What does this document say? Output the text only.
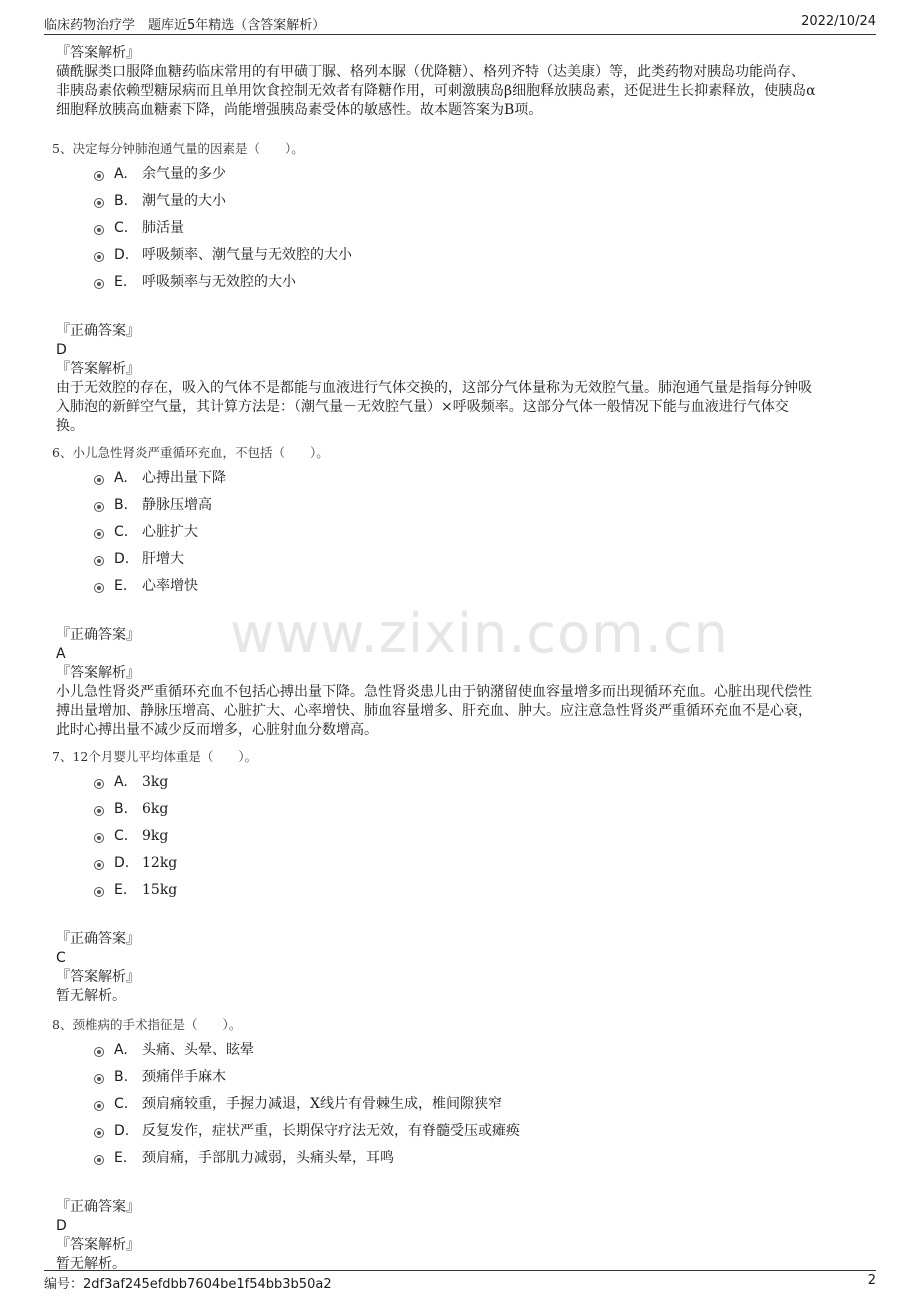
临床药物治疗学　题库近5年精选（含答案解析）	2022/10/24
www.zixin.com.cn
『答案解析』
磺酰脲类口服降血糖药临床常用的有甲磺丁脲、格列本脲（优降糖）、格列齐特（达美康）等，此类药物对胰岛功能尚存、
非胰岛素依赖型糖尿病而且单用饮食控制无效者有降糖作用，可刺激胰岛β细胞释放胰岛素，还促进生长抑素释放，使胰岛α
细胞释放胰高血糖素下降，尚能增强胰岛素受体的敏感性。故本题答案为B项。
5、决定每分钟肺泡通气量的因素是（　　）。
A. 余气量的多少
B. 潮气量的大小
C. 肺活量
D. 呼吸频率、潮气量与无效腔的大小
E. 呼吸频率与无效腔的大小
『正确答案』
D
『答案解析』
由于无效腔的存在，吸入的气体不是都能与血液进行气体交换的，这部分气体量称为无效腔气量。肺泡通气量是指每分钟吸
入肺泡的新鲜空气量，其计算方法是：（潮气量－无效腔气量）×呼吸频率。这部分气体一般情况下能与血液进行气体交
换。
6、小儿急性肾炎严重循环充血，不包括（　　）。
A. 心搏出量下降
B. 静脉压增高
C. 心脏扩大
D. 肝增大
E. 心率增快
『正确答案』
A
『答案解析』
小儿急性肾炎严重循环充血不包括心搏出量下降。急性肾炎患儿由于钠潴留使血容量增多而出现循环充血。心脏出现代偿性
搏出量增加、静脉压增高、心脏扩大、心率增快、肺血容量增多、肝充血、肿大。应注意急性肾炎严重循环充血不是心衰，
此时心搏出量不减少反而增多，心脏射血分数增高。
7、12个月婴儿平均体重是（　　）。
A. 3kg
B. 6kg
C. 9kg
D. 12kg
E. 15kg
『正确答案』
C
『答案解析』
暂无解析。
8、颈椎病的手术指征是（　　）。
A. 头痛、头晕、眩晕
B. 颈痛伴手麻木
C. 颈肩痛较重，手握力减退，X线片有骨棘生成，椎间隙狭窄
D. 反复发作，症状严重，长期保守疗法无效，有脊髓受压或瘫痪
E. 颈肩痛，手部肌力减弱，头痛头晕，耳鸣
『正确答案』
D
『答案解析』
暂无解析。
编号：2df3af245efdbb7604be1f54bb3b50a2	2
